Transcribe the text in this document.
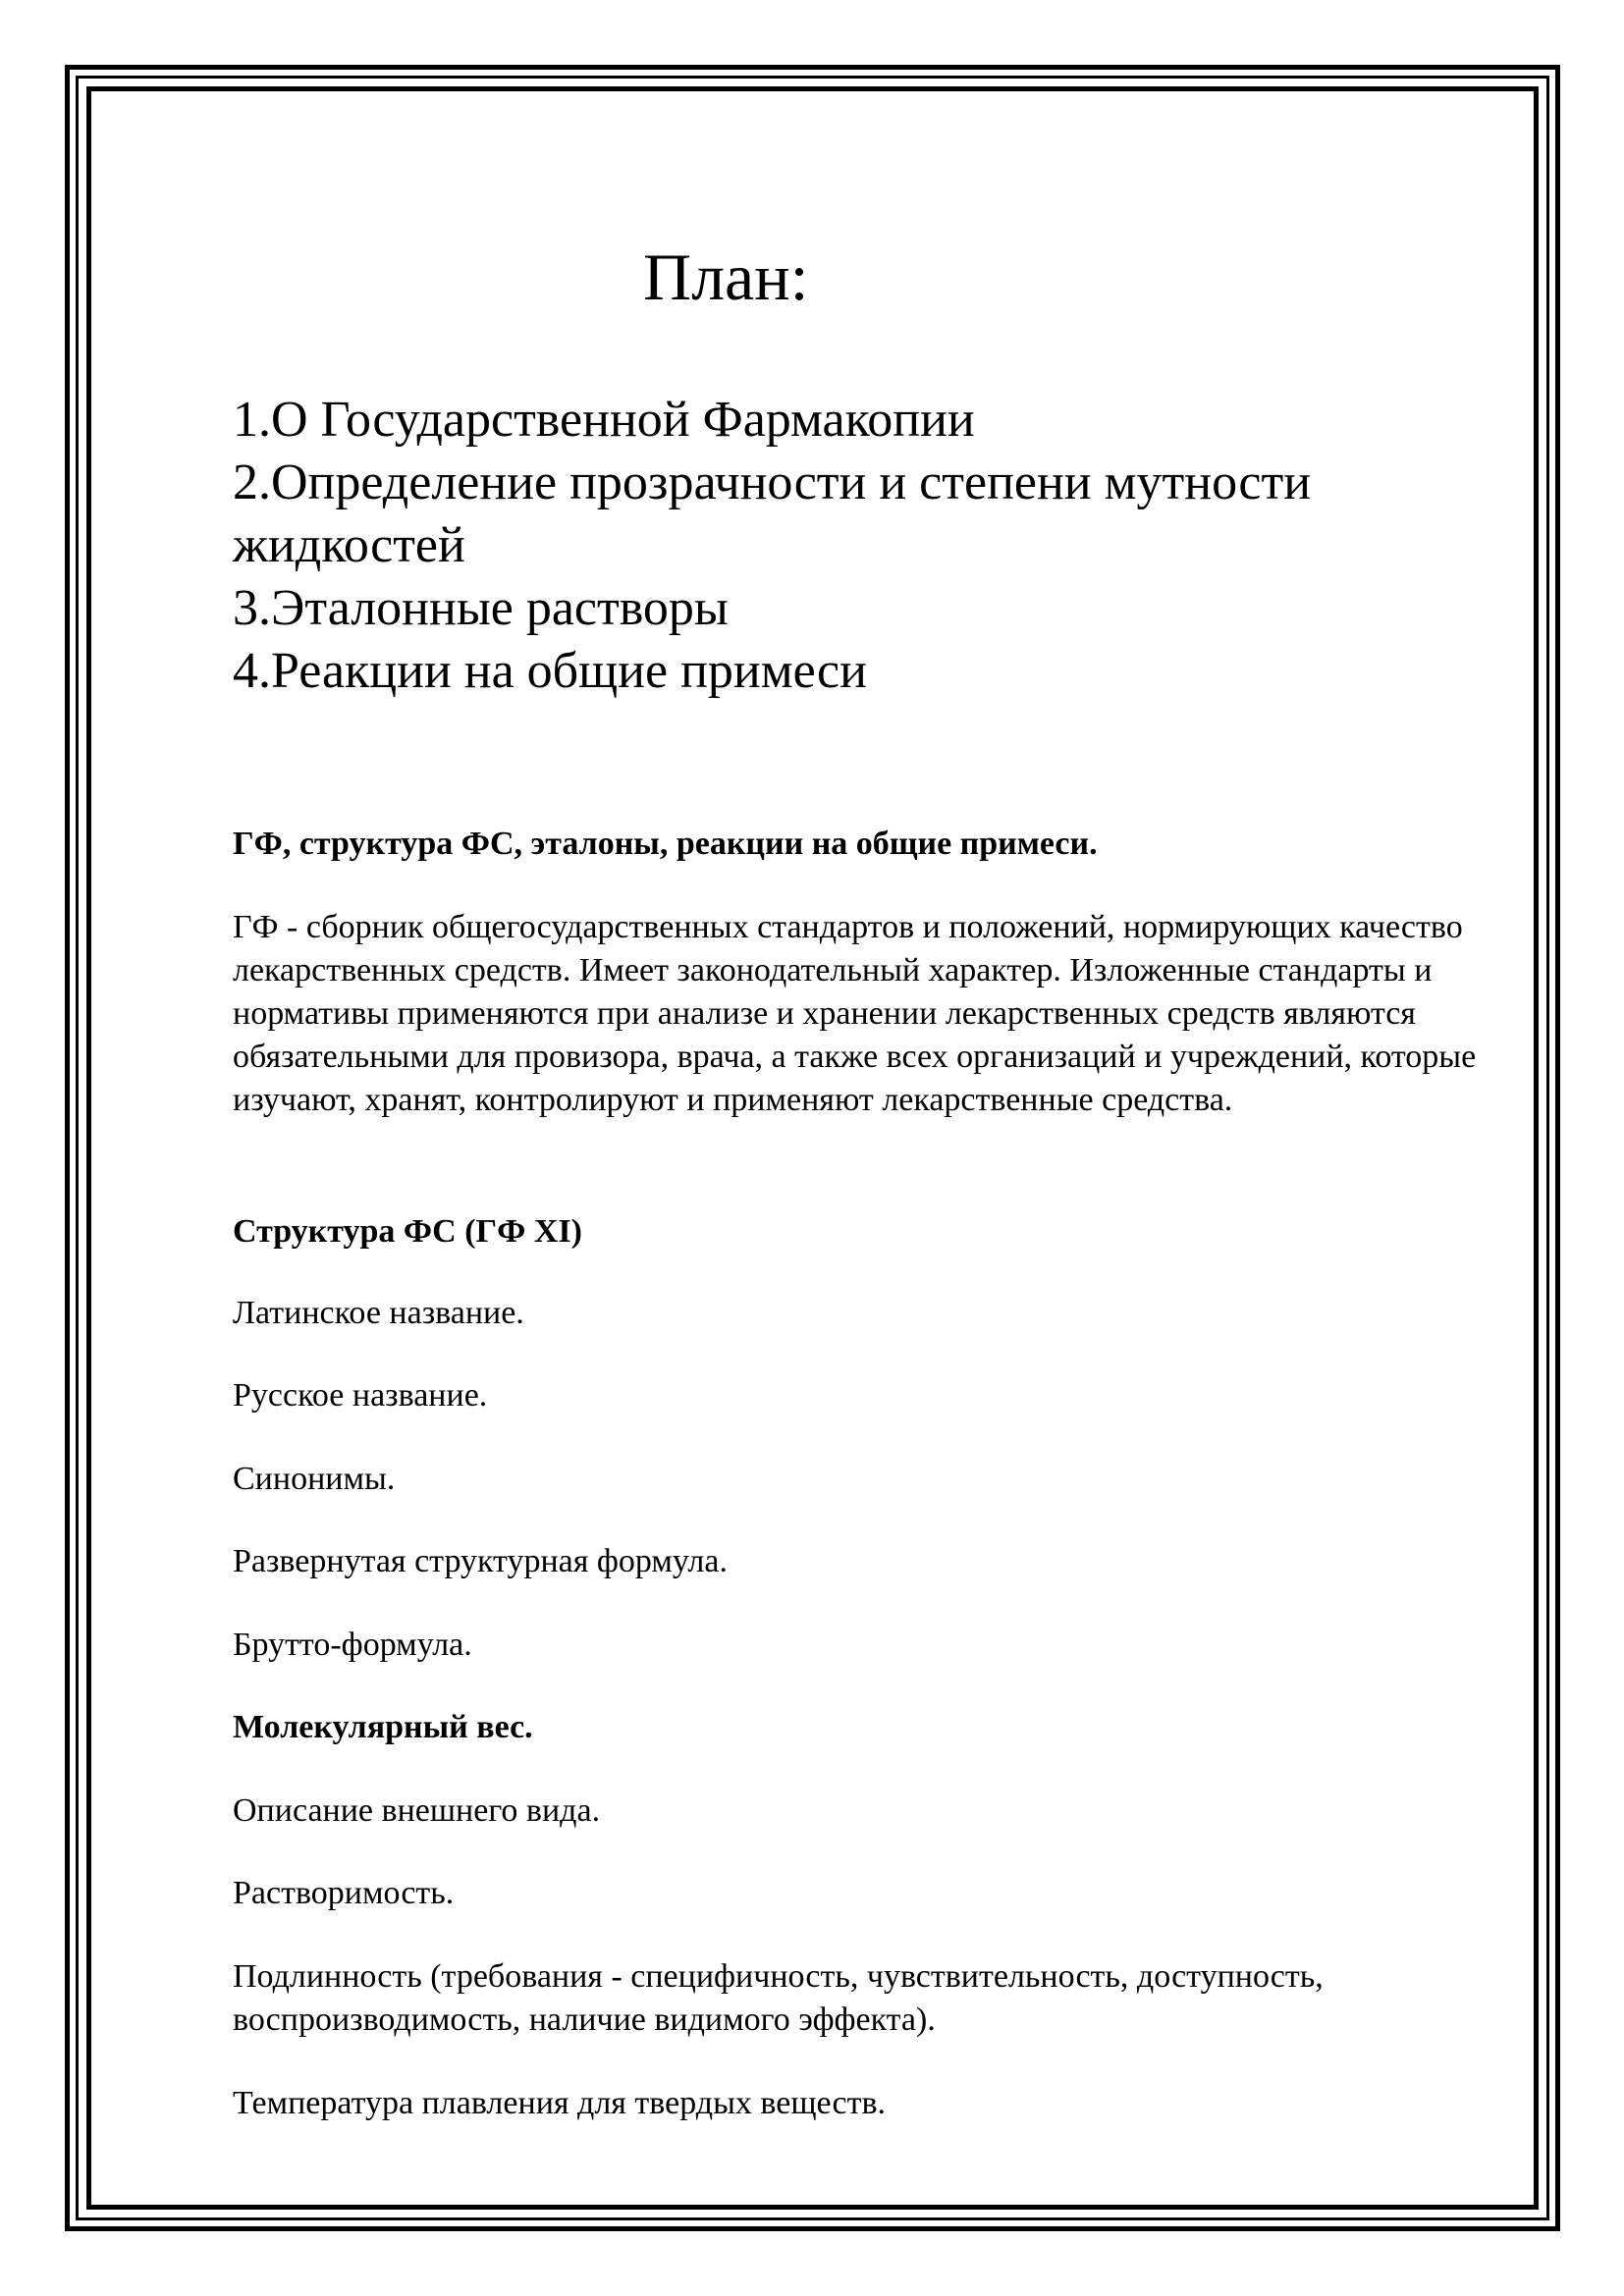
План:
1.О Государственной Фармакопии
2.Определение прозрачности и степени мутности жидкостей
3.Эталонные растворы
4.Реакции на общие примеси

ГФ, структура ФС, эталоны, реакции на общие примеси.

ГФ - сборник общегосударственных стандартов и положений, нормирующих качество лекарственных средств. Имеет законодательный характер. Изложенные стандарты и нормативы применяются при анализе и хранении лекарственных средств являются обязательными для провизора, врача, а также всех организаций и учреждений, которые изучают, хранят, контролируют и применяют лекарственные средства.

Структура ФС (ГФ XI)

Латинское название.

Русское название.

Синонимы.

Развернутая структурная формула.

Брутто-формула.

Молекулярный вес.

Описание внешнего вида.

Растворимость.

Подлинность (требования - специфичность, чувствительность, доступность, воспроизводимость, наличие видимого эффекта).

Температура плавления для твердых веществ.
